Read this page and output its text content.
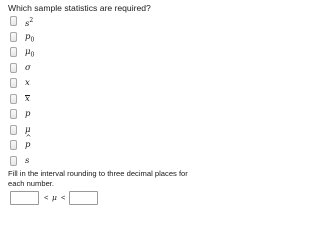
Which sample statistics are required?
$s^2$
$p_0$
$\mu_0$
σ
x
x
p
μ
^ p
s
Fill in the interval rounding to three decimal places for each number.
< μ <
